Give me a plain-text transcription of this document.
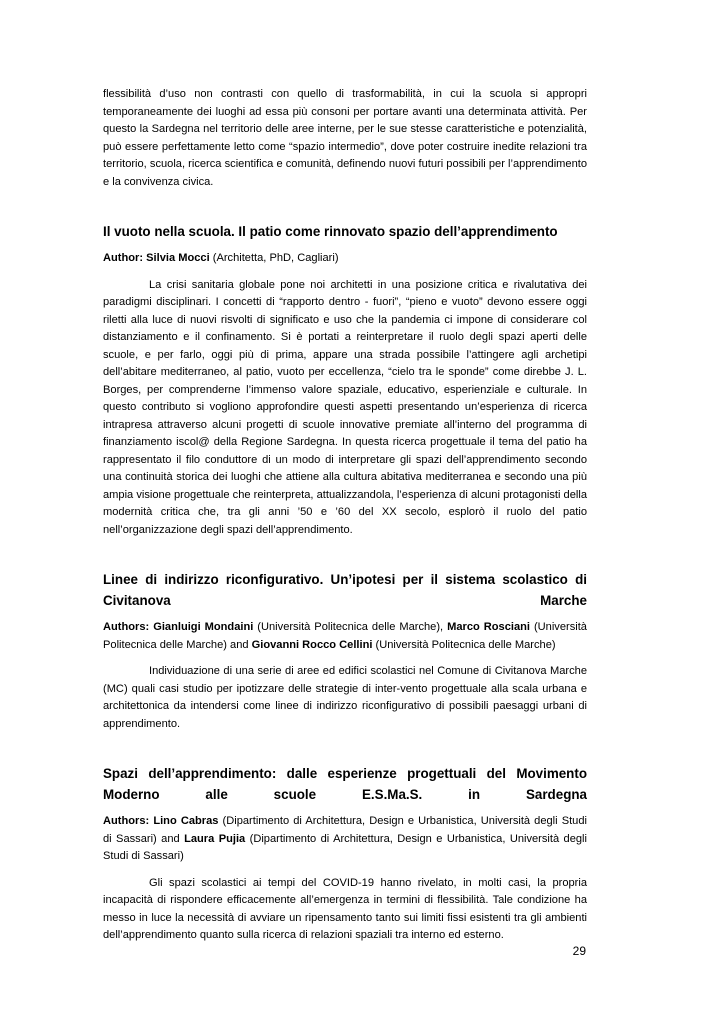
flessibilità d’uso non contrasti con quello di trasformabilità, in cui la scuola si appropri temporaneamente dei luoghi ad essa più consoni per portare avanti una determinata attività. Per questo la Sardegna nel territorio delle aree interne, per le sue stesse caratteristiche e potenzialità, può essere perfettamente letto come “spazio intermedio”, dove poter costruire inedite relazioni tra territorio, scuola, ricerca scientifica e comunità, definendo nuovi futuri possibili per l’apprendimento e la convivenza civica.

Il vuoto nella scuola. Il patio come rinnovato spazio dell’apprendimento

Author: Silvia Mocci (Architetta, PhD, Cagliari)

La crisi sanitaria globale pone noi architetti in una posizione critica e rivalutativa dei paradigmi disciplinari. I concetti di “rapporto dentro - fuori”, “pieno e vuoto” devono essere oggi riletti alla luce di nuovi risvolti di significato e uso che la pandemia ci impone di considerare col distanziamento e il confinamento. Si è portati a reinterpretare il ruolo degli spazi aperti delle scuole, e per farlo, oggi più di prima, appare una strada possibile l’attingere agli archetipi dell’abitare mediterraneo, al patio, vuoto per eccellenza, “cielo tra le sponde” come direbbe J. L. Borges, per comprenderne l’immenso valore spaziale, educativo, esperienziale e culturale. In questo contributo si vogliono approfondire questi aspetti presentando un’esperienza di ricerca intrapresa attraverso alcuni progetti di scuole innovative premiate all’interno del programma di finanziamento iscol@ della Regione Sardegna. In questa ricerca progettuale il tema del patio ha rappresentato il filo conduttore di un modo di interpretare gli spazi dell’apprendimento secondo una continuità storica dei luoghi che attiene alla cultura abitativa mediterranea e secondo una più ampia visione progettuale che reinterpreta, attualizzandola, l’esperienza di alcuni protagonisti della modernità critica che, tra gli anni ’50 e ’60 del XX secolo, esplorò il ruolo del patio nell’organizzazione degli spazi dell’apprendimento.

Linee di indirizzo riconfigurativo. Un’ipotesi per il sistema scolastico di Civitanova Marche

Authors: Gianluigi Mondaini (Università Politecnica delle Marche), Marco Rosciani (Università Politecnica delle Marche) and Giovanni Rocco Cellini (Università Politecnica delle Marche)

Individuazione di una serie di aree ed edifici scolastici nel Comune di Civitanova Marche (MC) quali casi studio per ipotizzare delle strategie di inter-vento progettuale alla scala urbana e architettonica da intendersi come linee di indirizzo riconfigurativo di possibili paesaggi urbani di apprendimento.

Spazi dell’apprendimento: dalle esperienze progettuali del Movimento Moderno alle scuole E.S.Ma.S. in Sardegna

Authors: Lino Cabras (Dipartimento di Architettura, Design e Urbanistica, Università degli Studi di Sassari) and Laura Pujia (Dipartimento di Architettura, Design e Urbanistica, Università degli Studi di Sassari)

Gli spazi scolastici ai tempi del COVID-19 hanno rivelato, in molti casi, la propria incapacità di rispondere efficacemente all’emergenza in termini di flessibilità. Tale condizione ha messo in luce la necessità di avviare un ripensamento tanto sui limiti fissi esistenti tra gli ambienti dell’apprendimento quanto sulla ricerca di relazioni spaziali tra interno ed esterno.

29
